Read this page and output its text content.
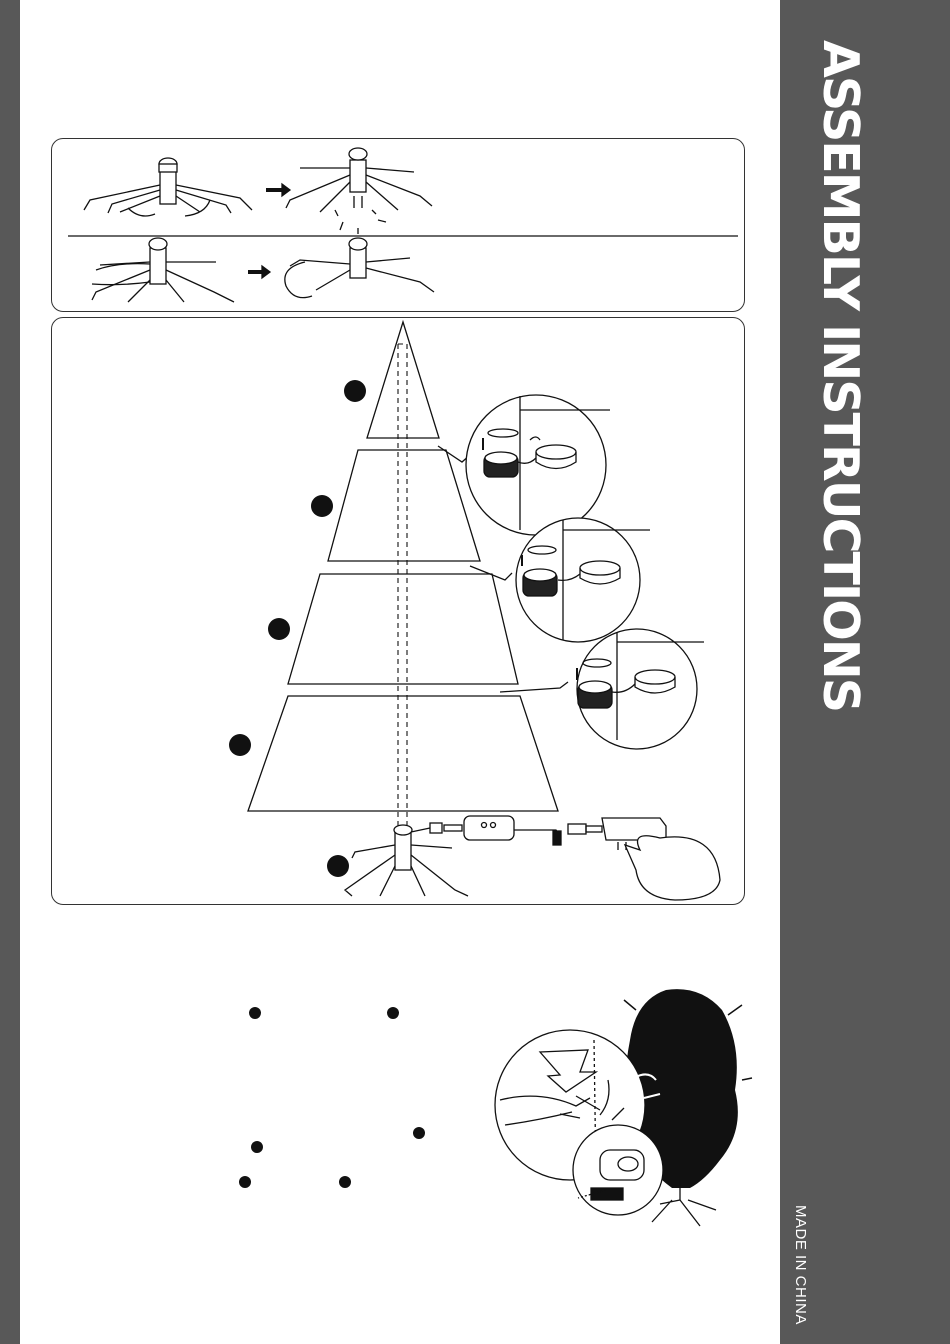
ASSEMBLY INSTRUCTIONS
MADE IN CHINA
